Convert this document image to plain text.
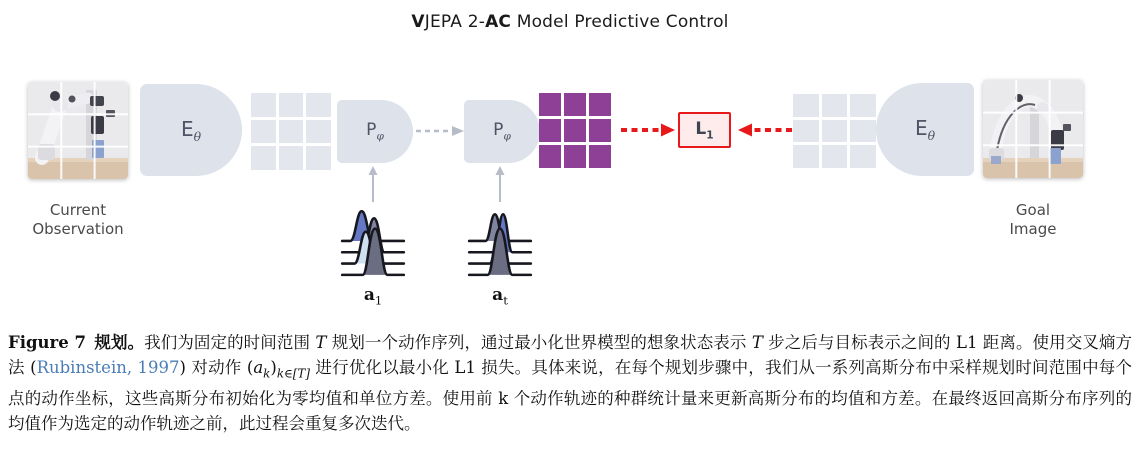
VJEPA 2-AC Model Predictive Control
Current
Observation
$E_\theta$	$P_\varphi$	$P_\varphi$	$L_1$	$E_\theta$
Goal
Image
$a_1$	$a_t$
Figure 7 规划。我们为固定的时间范围 T 规划一个动作序列，通过最小化世界模型的想象状态表示 T 步之后与目标表示之间的 L1 距离。使用交叉熵方法 (Rubinstein, 1997) 对动作 $(a_k)_{k\in[T]}$ 进行优化以最小化 L1 损失。具体来说，在每个规划步骤中，我们从一系列高斯分布中采样规划时间范围中每个点的动作坐标，这些高斯分布初始化为零均值和单位方差。使用前 k 个动作轨迹的种群统计量来更新高斯分布的均值和方差。在最终返回高斯分布序列的均值作为选定的动作轨迹之前，此过程会重复多次迭代。
